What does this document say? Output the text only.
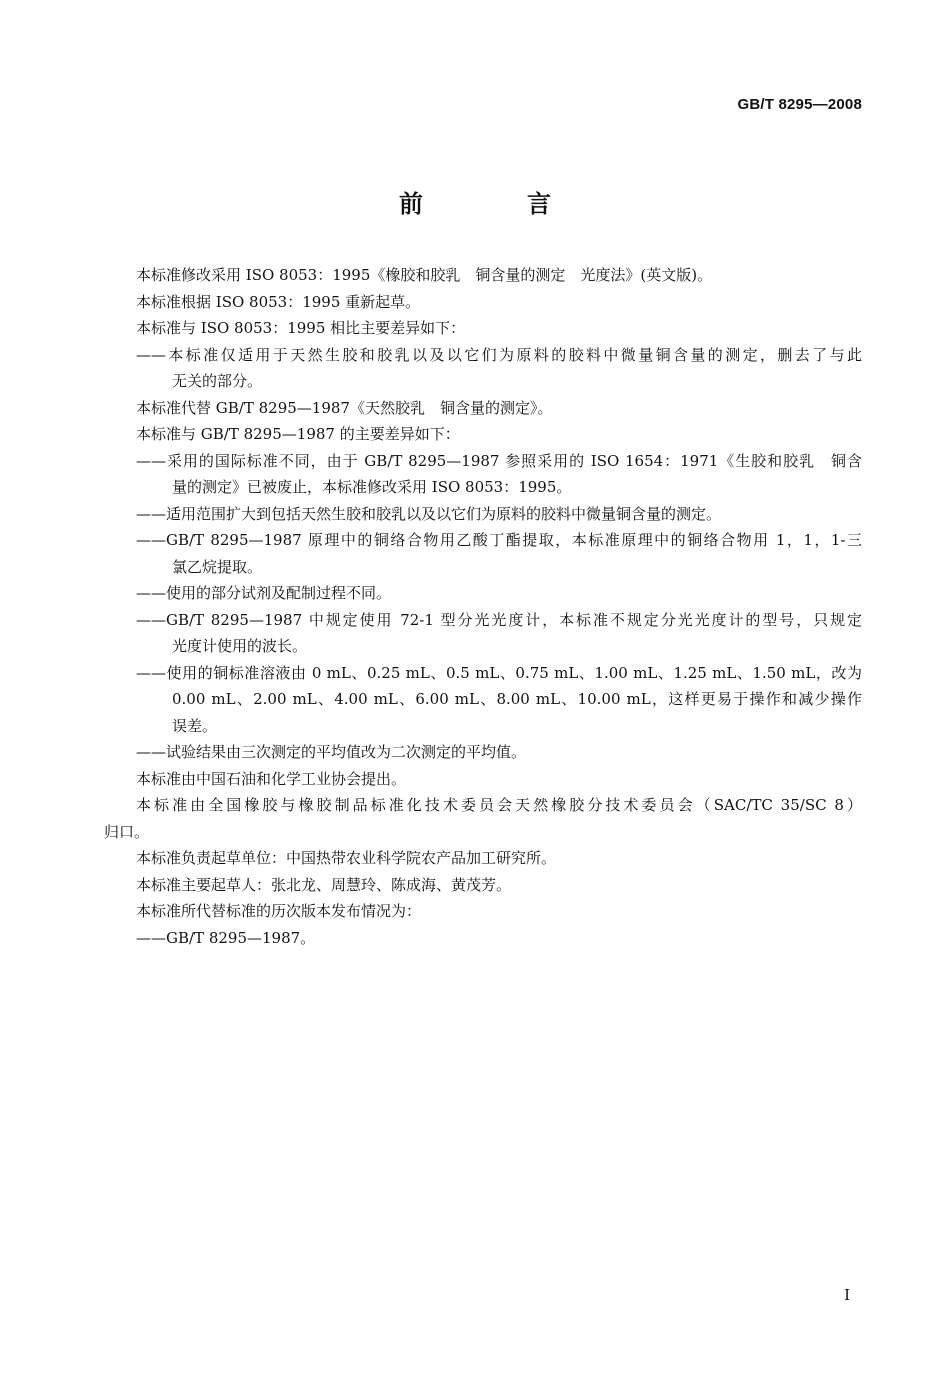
GB/T 8295—2008
前　言
本标准修改采用 ISO 8053：1995《橡胶和胶乳　铜含量的测定　光度法》(英文版)。
本标准根据 ISO 8053：1995 重新起草。
本标准与 ISO 8053：1995 相比主要差异如下：
——本标准仅适用于天然生胶和胶乳以及以它们为原料的胶料中微量铜含量的测定，删去了与此
无关的部分。
本标准代替 GB/T 8295—1987《天然胶乳　铜含量的测定》。
本标准与 GB/T 8295—1987 的主要差异如下：
——采用的国际标准不同，由于 GB/T 8295—1987 参照采用的 ISO 1654：1971《生胶和胶乳　铜含
量的测定》已被废止，本标准修改采用 ISO 8053：1995。
——适用范围扩大到包括天然生胶和胶乳以及以它们为原料的胶料中微量铜含量的测定。
——GB/T 8295—1987 原理中的铜络合物用乙酸丁酯提取，本标准原理中的铜络合物用 1，1，1-三
氯乙烷提取。
——使用的部分试剂及配制过程不同。
——GB/T 8295—1987 中规定使用 72-1 型分光光度计，本标准不规定分光光度计的型号，只规定
光度计使用的波长。
——使用的铜标准溶液由 0 mL、0.25 mL、0.5 mL、0.75 mL、1.00 mL、1.25 mL、1.50 mL，改为
0.00 mL、2.00 mL、4.00 mL、6.00 mL、8.00 mL、10.00 mL，这样更易于操作和减少操作
误差。
——试验结果由三次测定的平均值改为二次测定的平均值。
本标准由中国石油和化学工业协会提出。
本标准由全国橡胶与橡胶制品标准化技术委员会天然橡胶分技术委员会（SAC/TC 35/SC 8）
归口。
本标准负责起草单位：中国热带农业科学院农产品加工研究所。
本标准主要起草人：张北龙、周慧玲、陈成海、黄茂芳。
本标准所代替标准的历次版本发布情况为：
——GB/T 8295—1987。
I
